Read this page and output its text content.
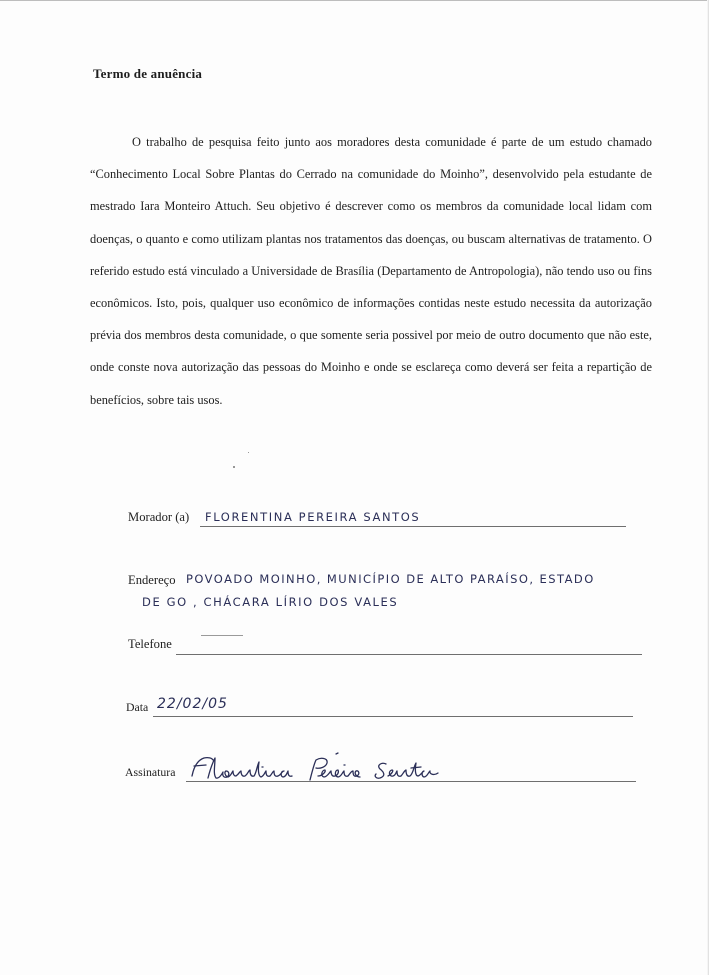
Termo de anuência
O trabalho de pesquisa feito junto aos moradores desta comunidade é parte de um estudo chamado “Conhecimento Local Sobre Plantas do Cerrado na comunidade do Moinho”, desenvolvido pela estudante de mestrado Iara Monteiro Attuch. Seu objetivo é descrever como os membros da comunidade local lidam com doenças, o quanto e como utilizam plantas nos tratamentos das doenças, ou buscam alternativas de tratamento. O referido estudo está vinculado a Universidade de Brasília (Departamento de Antropologia), não tendo uso ou fins econômicos. Isto, pois, qualquer uso econômico de informações contidas neste estudo necessita da autorização prévia dos membros desta comunidade, o que somente seria possivel por meio de outro documento que não este, onde conste nova autorização das pessoas do Moinho e onde se esclareça como deverá ser feita a repartição de benefícios, sobre tais usos.
Morador (a) FLORENTINA PEREIRA SANTOS
Endereço POVOADO MOINHO, MUNICÍPIO DE ALTO PARAÍSO, ESTADO
DE GO , CHÁCARA LÍRIO DOS VALES
Telefone
Data 22/02/05
Assinatura
